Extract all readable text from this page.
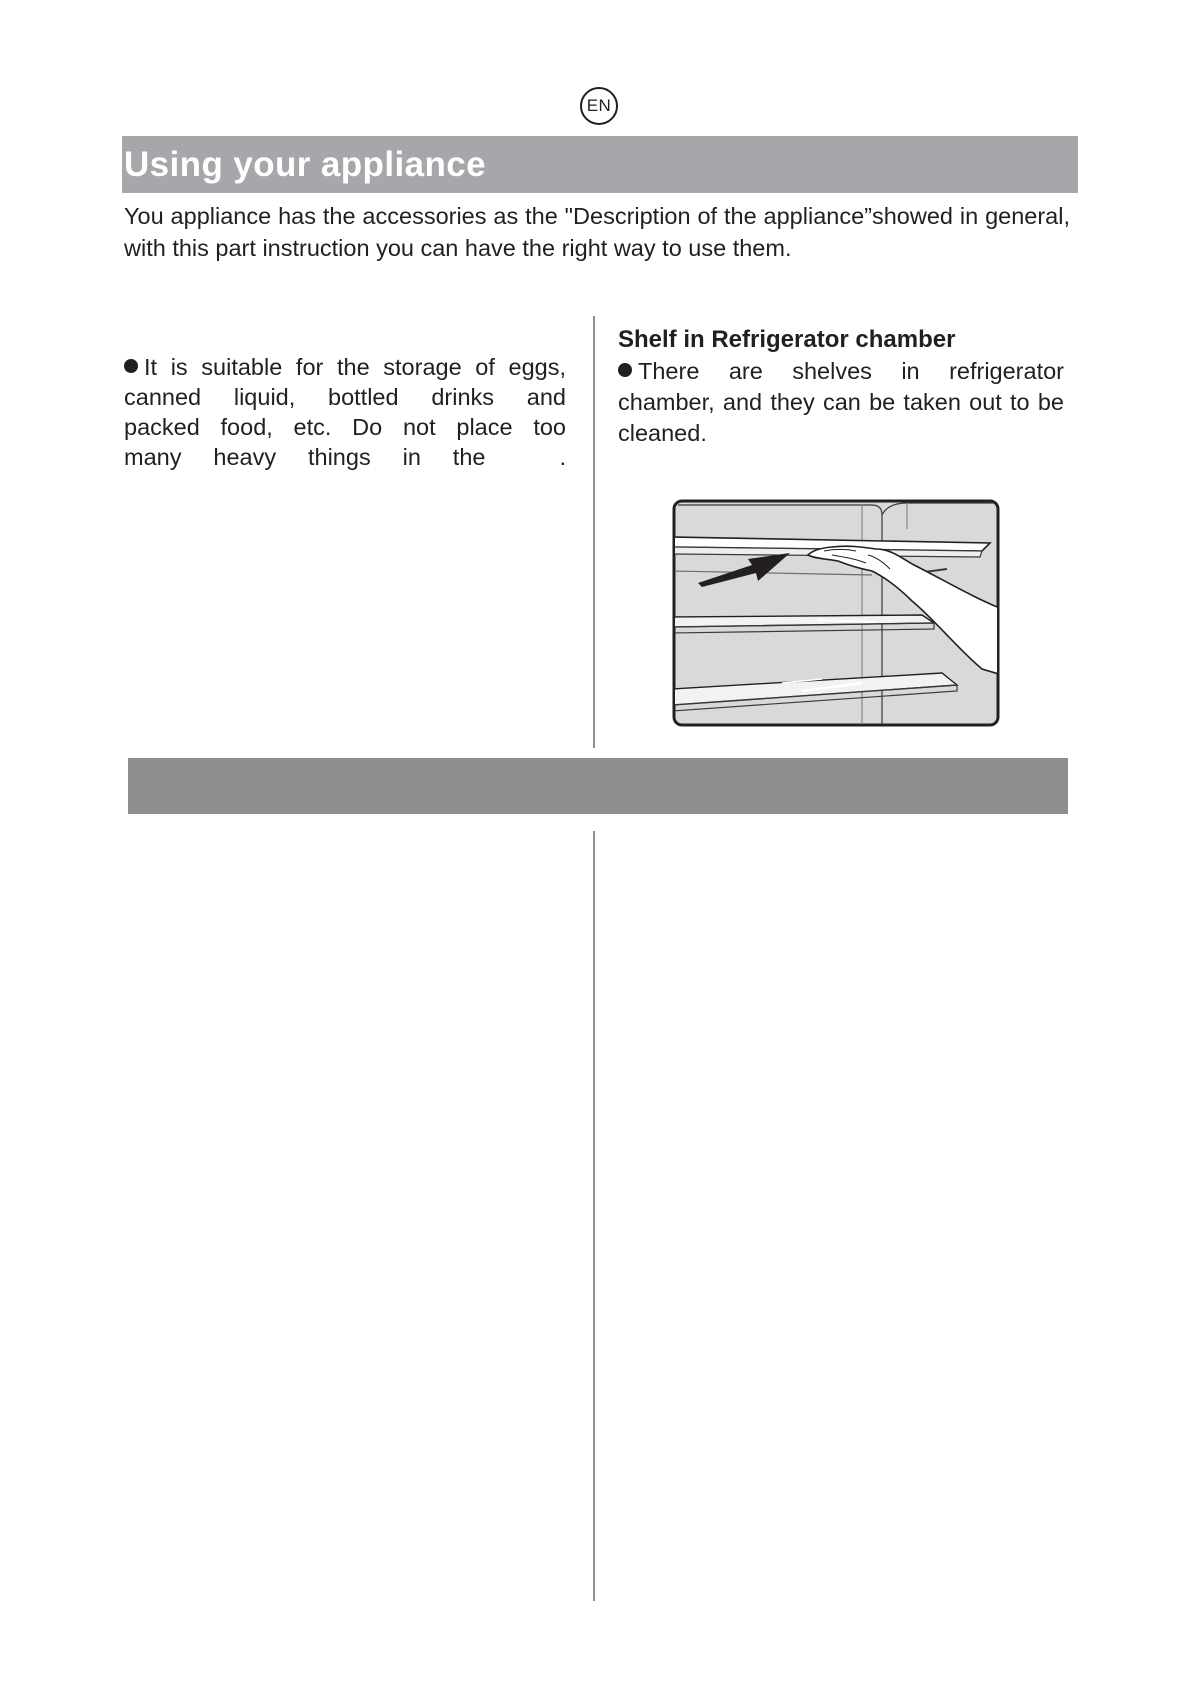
EN
Using your appliance

You appliance has the accessories as the "Description of the appliance”showed in general, with this part instruction you can have the right way to use them.

It is suitable for the storage of eggs,
canned liquid, bottled drinks and
packed food, etc. Do not place too
many heavy things in the	.
Shelf in Refrigerator chamber

There are shelves in refrigerator chamber, and they can be taken out to be cleaned.
